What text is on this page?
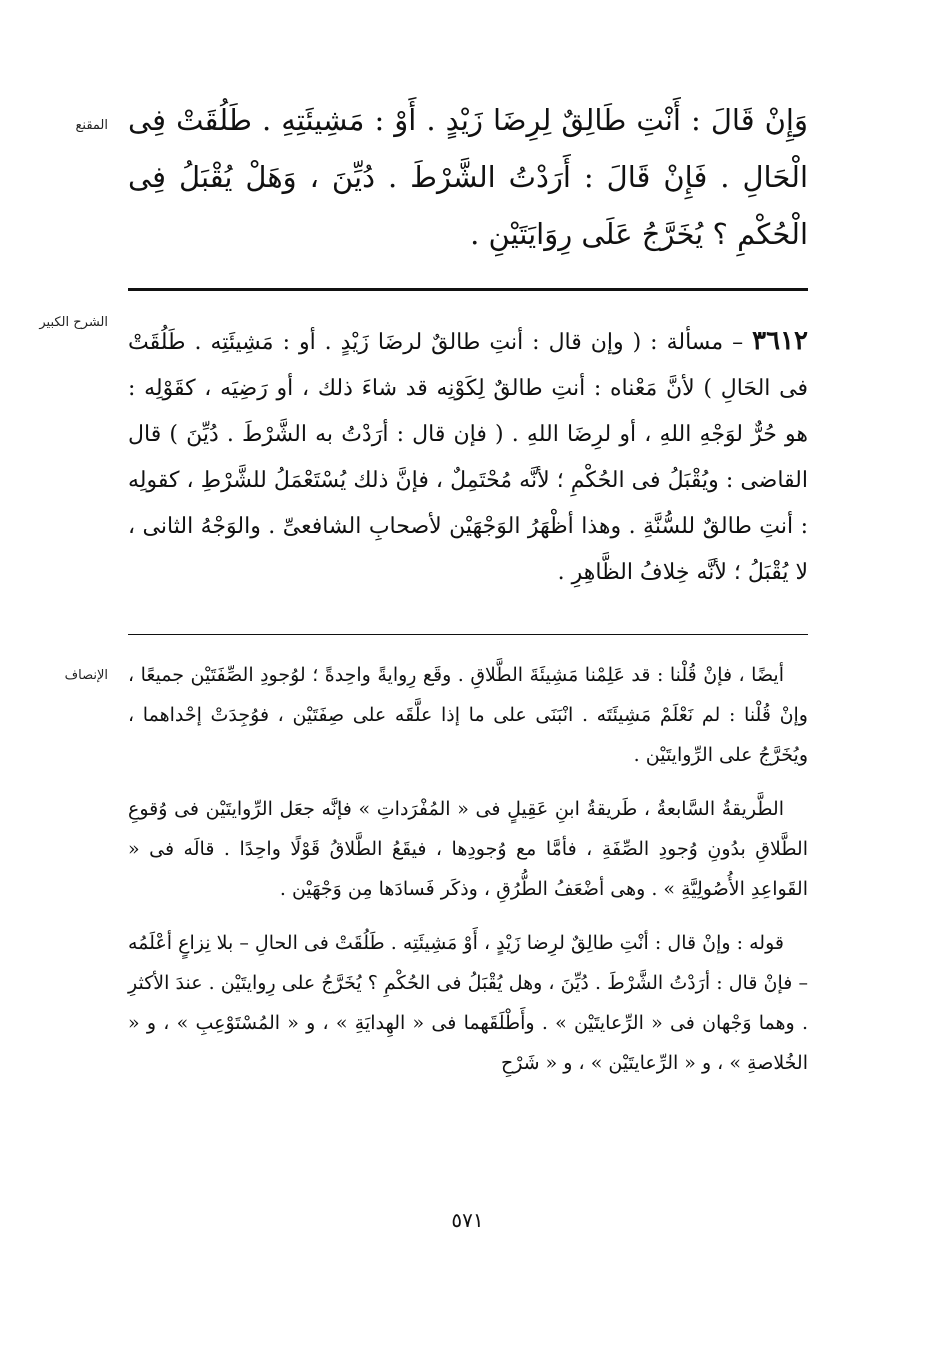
المقنع وَإِنْ قَالَ : أَنْتِ طَالِقٌ لِرِضَا زَيْدٍ . أَوْ : مَشِيئَتِهِ . طَلُقَتْ فِى الْحَالِ . فَإِنْ قَالَ : أَرَدْتُ الشَّرْطَ . دُيِّنَ ، وَهَلْ يُقْبَلُ فِى الْحُكْمِ ؟ يُخَرَّجُ عَلَى رِوَايَتَيْنِ .
الشرح الكبير
٣٦١٢ – مسألة : ( وإن قال : أنتِ طالقٌ لرضَا زَيْدٍ . أو : مَشِيئَتِه . طَلُقَتْ فى الحَالِ ) لأنَّ مَعْناه : أنتِ طالقٌ لِكَوْنِه قد شاءَ ذلك ، أو رَضِيَه ، كقَوْلِه : هو حُرٌّ لوَجْهِ اللهِ ، أو لرِضَا اللهِ . ( فإن قال : أرَدْتُ به الشَّرْطَ . دُيِّنَ ) قال القاضى : ويُقْبَلُ فى الحُكْمِ ؛ لأنَّه مُحْتَمِلٌ ، فإنَّ ذلك يُسْتَعْمَلُ للشَّرْطِ ، كقولِه : أنتِ طالقٌ للسُّنَّةِ . وهذا أظْهَرُ الوَجْهَيْن لأصحابِ الشافعىِّ . والوَجْهُ الثانى ، لا يُقْبَلُ ؛ لأنَّه خِلافُ الظَّاهِرِ .
الإنصاف أيضًا ، فإنْ قُلْنا : قد عَلِمْنا مَشِيئَةَ الطَّلاقِ . وقَع رِوايةً واحِدةً ؛ لوُجودِ الصِّفَتَيْن جميعًا ، وإنْ قُلْنا : لم نَعْلَمْ مَشِيئَتَه . انْبَنَى على ما إذا علَّقَه على صِفَتَيْن ، فوُجِدَتْ إحْداهما ، ويُخَرَّجُ على الرِّوايتَيْن .

الطَّريقةُ السَّابعةُ ، طَريقةُ ابنِ عَقِيلٍ فى « المُفْرَداتِ » فإنَّه جعَل الرِّوايتَيْن فى وُقوعِ الطَّلاقِ بدُونِ وُجودِ الصِّفَةِ ، فأمَّا مع وُجودِها ، فيقَعُ الطَّلاقُ قَوْلًا واحِدًا . قالَه فى « القَواعِدِ الأُصُولِيَّةِ » . وهى أضْعَفُ الطُّرُقِ ، وذكَر فَسادَها مِن وَجْهَيْن .

قوله : وإنْ قال : أنْتِ طالِقٌ لرِضا زَيْدٍ ، أَوْ مَشِيئَتِه . طَلُقَتْ فى الحالِ – بلا نِزاعٍ أعْلَمُه – فإنْ قال : أرَدْتُ الشَّرْطَ . دُيِّنَ ، وهل يُقْبَلُ فى الحُكْمِ ؟ يُخَرَّجُ على رِوايتَيْن . عندَ الأكثرِ . وهما وَجْهان فى « الرِّعايتَيْن » . وأَطْلَقَهما فى « الهِدايَةِ » ، و « المُسْتَوْعِبِ » ، و « الخُلاصةِ » ، و « الرِّعايتَيْن » ، و « شَرْحِ

٥٧١
